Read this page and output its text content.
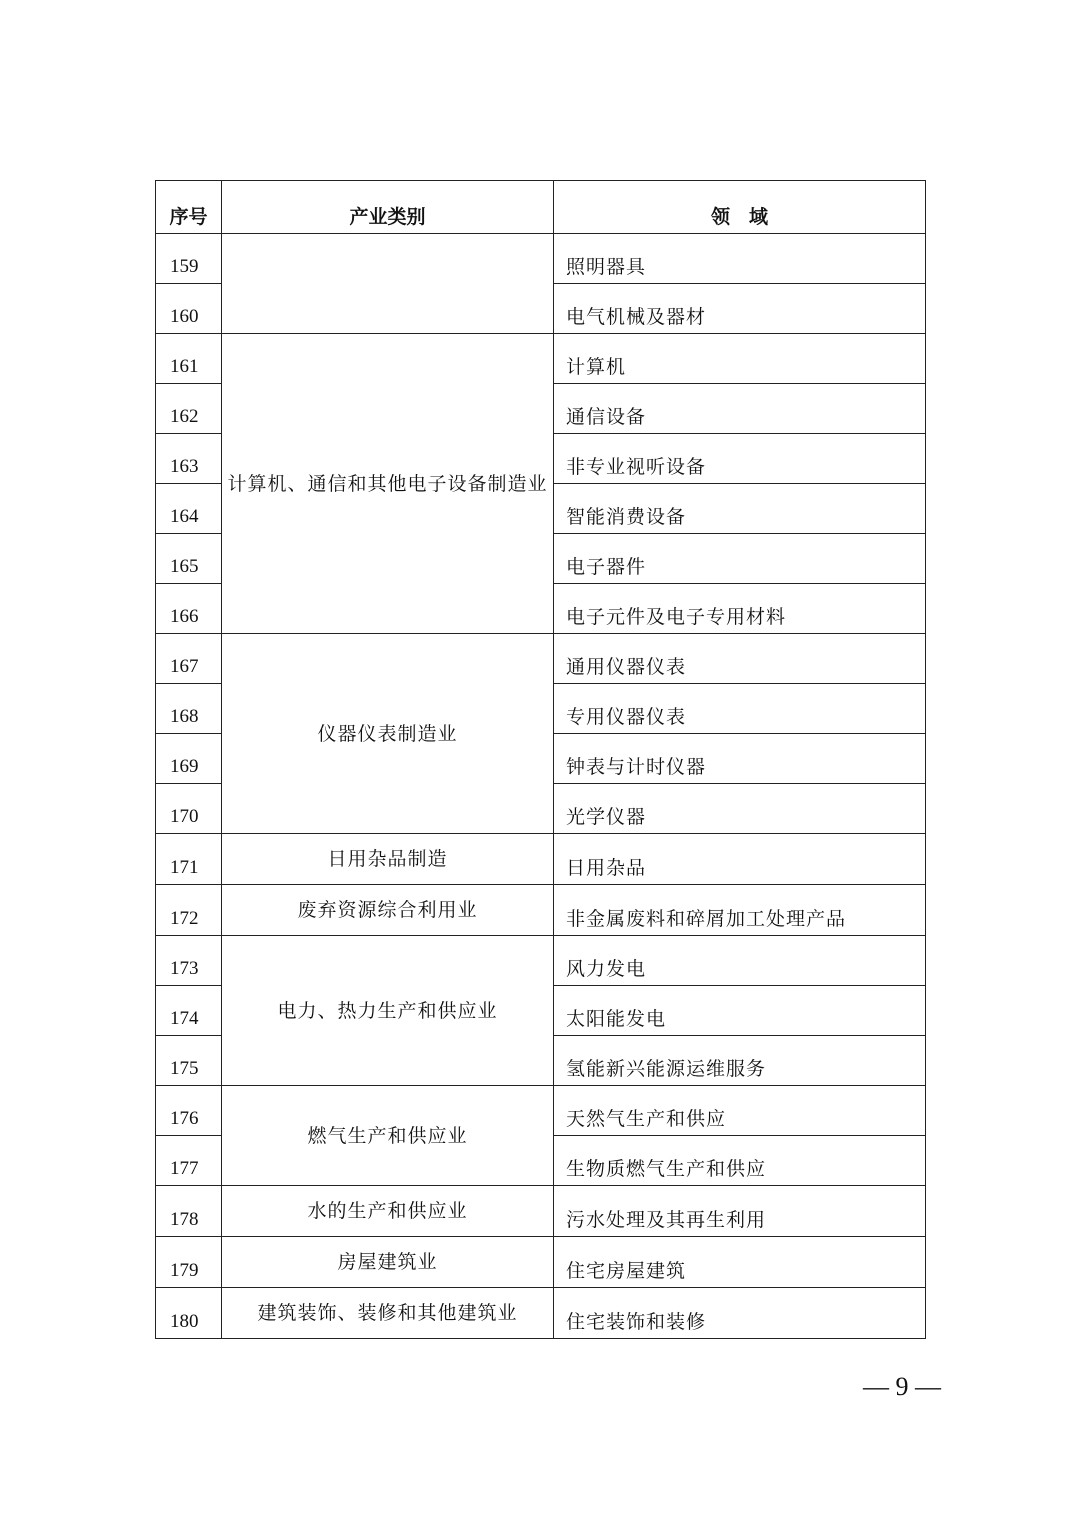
序号	产业类别	领　域
159		照明器具
160		电气机械及器材
161	计算机、通信和其他电子设备制造业	计算机
162		通信设备
163		非专业视听设备
164		智能消费设备
165		电子器件
166		电子元件及电子专用材料
167	仪器仪表制造业	通用仪器仪表
168		专用仪器仪表
169		钟表与计时仪器
170		光学仪器
171	日用杂品制造	日用杂品
172	废弃资源综合利用业	非金属废料和碎屑加工处理产品
173	电力、热力生产和供应业	风力发电
174		太阳能发电
175		氢能新兴能源运维服务
176	燃气生产和供应业	天然气生产和供应
177		生物质燃气生产和供应
178	水的生产和供应业	污水处理及其再生利用
179	房屋建筑业	住宅房屋建筑
180	建筑装饰、装修和其他建筑业	住宅装饰和装修
— 9 —
